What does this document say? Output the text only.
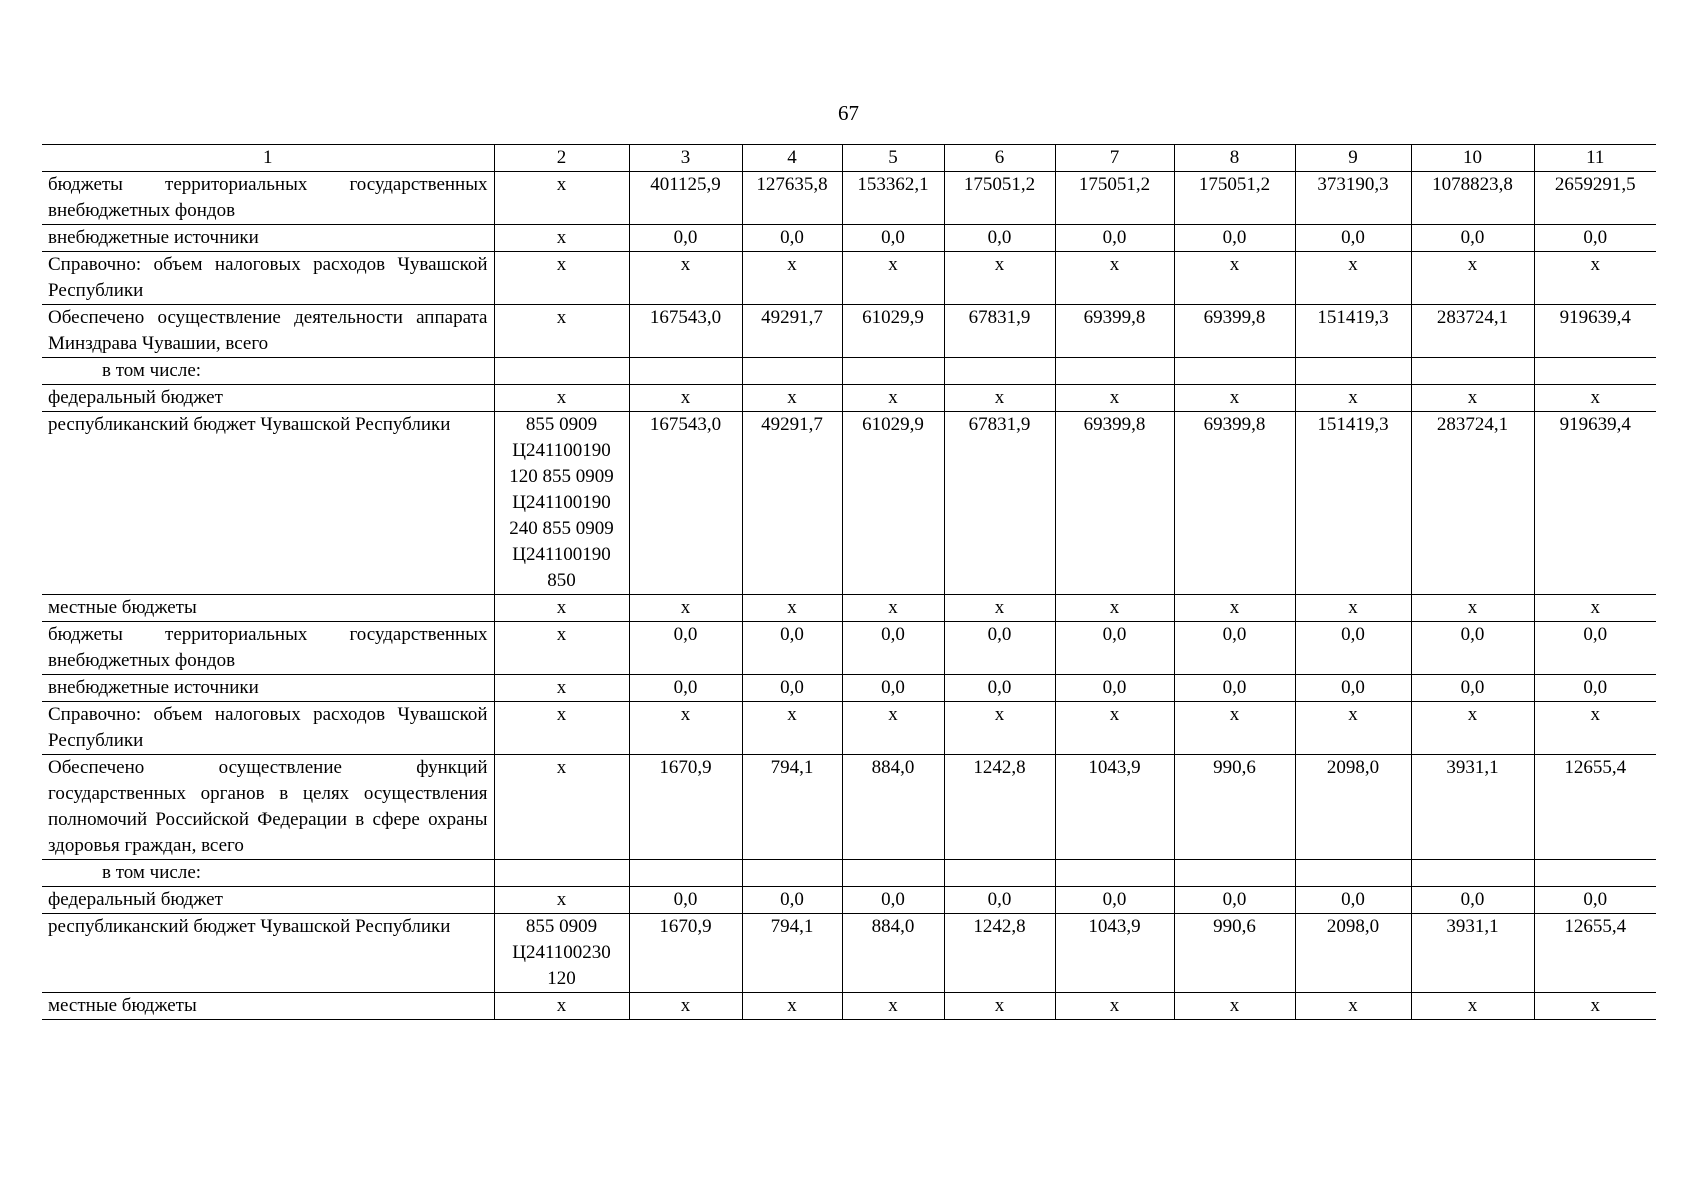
67
1	2	3	4	5	6	7	8	9	10	11
бюджеты территориальных государственных внебюджетных фондов	x	401125,9	127635,8	153362,1	175051,2	175051,2	175051,2	373190,3	1078823,8	2659291,5
внебюджетные источники	x	0,0	0,0	0,0	0,0	0,0	0,0	0,0	0,0	0,0
Справочно: объем налоговых расходов Чувашской Республики	x	x	x	x	x	x	x	x	x	x
Обеспечено осуществление деятельности аппарата Минздрава Чувашии, всего	x	167543,0	49291,7	61029,9	67831,9	69399,8	69399,8	151419,3	283724,1	919639,4
в том числе:										
федеральный бюджет	x	x	x	x	x	x	x	x	x	x
республиканский бюджет Чувашской Республики	855 0909 Ц241100190 120 855 0909 Ц241100190 240 855 0909 Ц241100190 850	167543,0	49291,7	61029,9	67831,9	69399,8	69399,8	151419,3	283724,1	919639,4
местные бюджеты	x	x	x	x	x	x	x	x	x	x
бюджеты территориальных государственных внебюджетных фондов	x	0,0	0,0	0,0	0,0	0,0	0,0	0,0	0,0	0,0
внебюджетные источники	x	0,0	0,0	0,0	0,0	0,0	0,0	0,0	0,0	0,0
Справочно: объем налоговых расходов Чувашской Республики	x	x	x	x	x	x	x	x	x	x
Обеспечено осуществление функций государственных органов в целях осуществления полномочий Российской Федерации в сфере охраны здоровья граждан, всего	x	1670,9	794,1	884,0	1242,8	1043,9	990,6	2098,0	3931,1	12655,4
в том числе:										
федеральный бюджет	x	0,0	0,0	0,0	0,0	0,0	0,0	0,0	0,0	0,0
республиканский бюджет Чувашской Республики	855 0909 Ц241100230 120	1670,9	794,1	884,0	1242,8	1043,9	990,6	2098,0	3931,1	12655,4
местные бюджеты	x	x	x	x	x	x	x	x	x	x
